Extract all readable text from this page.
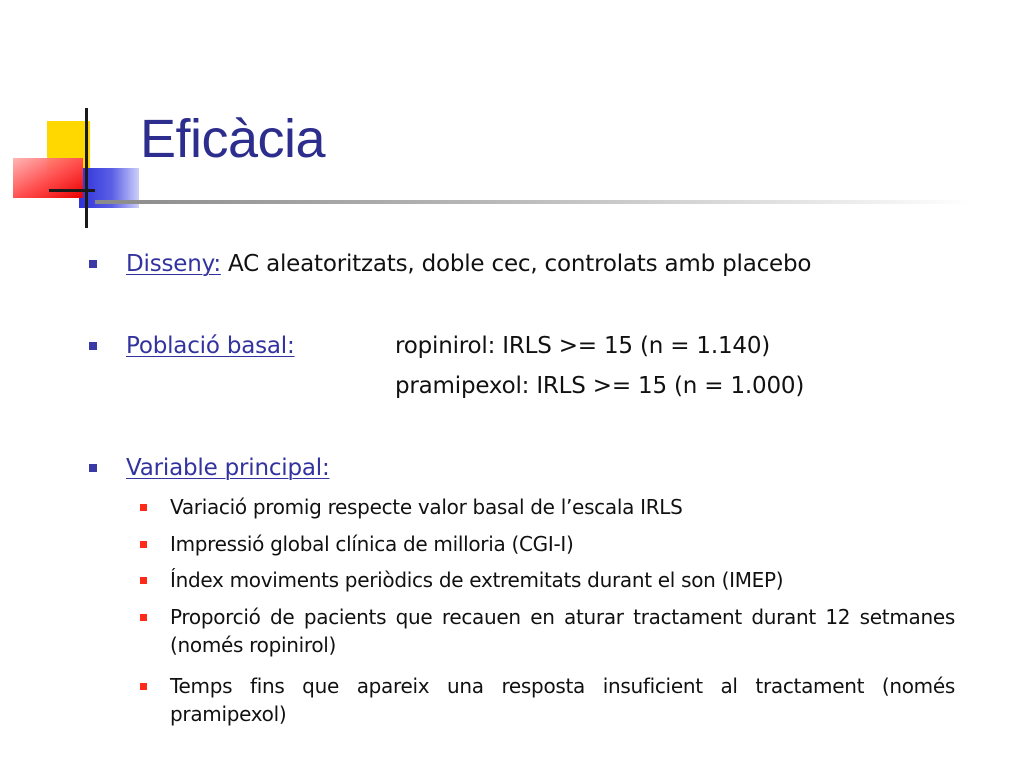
Eficàcia
Disseny: AC aleatoritzats, doble cec, controlats amb placebo
Població basal:	ropinirol: IRLS >= 15 (n = 1.140)
pramipexol: IRLS >= 15 (n = 1.000)
Variable principal:
Variació promig respecte valor basal de l’escala IRLS
Impressió global clínica de milloria (CGI-I)
Índex moviments periòdics de extremitats durant el son (IMEP)
Proporció de pacients que recauen en aturar tractament durant 12 setmanes (només ropinirol)
Temps fins que apareix una resposta insuficient al tractament (només pramipexol)
